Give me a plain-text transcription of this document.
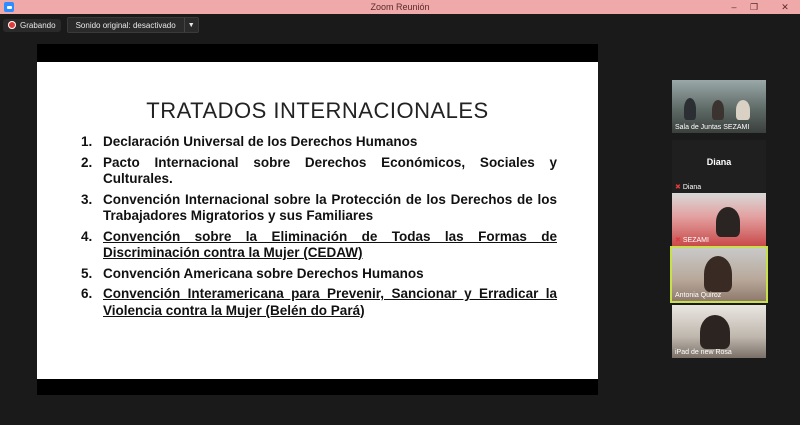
Zoom Reunión	–	❐	✕
Grabando	Sonido original: desactivado	▼
TRATADOS INTERNACIONALES
1. Declaración Universal de los Derechos Humanos
2. Pacto Internacional sobre Derechos Económicos, Sociales y Culturales.
3. Convención Internacional sobre la Protección de los Derechos de los Trabajadores Migratorios y sus Familiares
4. Convención sobre la Eliminación de Todas las Formas de Discriminación contra la Mujer (CEDAW)
5. Convención Americana sobre Derechos Humanos
6. Convención Interamericana para Prevenir, Sancionar y Erradicar la Violencia contra la Mujer (Belén do Pará)
Sala de Juntas SEZAMI
Diana
✖ Diana
✖ SEZAMI
Antonia Quiroz
iPad de new Rosa
